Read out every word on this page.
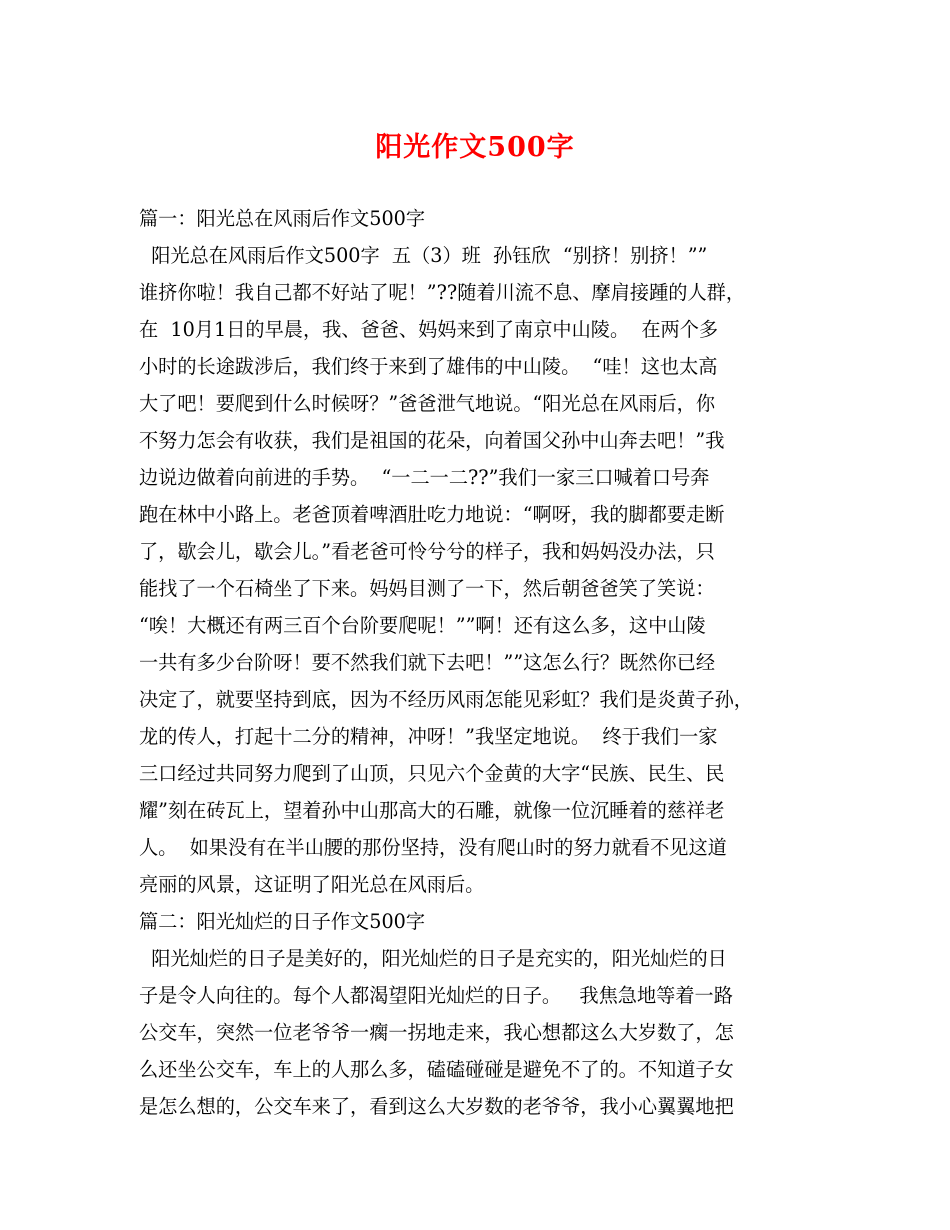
阳光作文500字
篇一：阳光总在风雨后作文500字
阳光总在风雨后作文500字  五（3）班  孙钰欣  “别挤！别挤！””
谁挤你啦！我自己都不好站了呢！”??随着川流不息、摩肩接踵的人群，
在  10月1日的早晨，我、爸爸、妈妈来到了南京中山陵。  在两个多
小时的长途跋涉后，我们终于来到了雄伟的中山陵。  “哇！这也太高
大了吧！要爬到什么时候呀？”爸爸泄气地说。“阳光总在风雨后，你
不努力怎会有收获，我们是祖国的花朵，向着国父孙中山奔去吧！”我
边说边做着向前进的手势。  “一二一二??”我们一家三口喊着口号奔
跑在林中小路上。老爸顶着啤酒肚吃力地说：“啊呀，我的脚都要走断
了，歇会儿，歇会儿。”看老爸可怜兮兮的样子，我和妈妈没办法，只
能找了一个石椅坐了下来。妈妈目测了一下，然后朝爸爸笑了笑说：
“唉！大概还有两三百个台阶要爬呢！””啊！还有这么多，这中山陵
一共有多少台阶呀！要不然我们就下去吧！””这怎么行？既然你已经
决定了，就要坚持到底，因为不经历风雨怎能见彩虹？我们是炎黄子孙，
龙的传人，打起十二分的精神，冲呀！”我坚定地说。  终于我们一家
三口经过共同努力爬到了山顶，只见六个金黄的大字“民族、民生、民
耀”刻在砖瓦上，望着孙中山那高大的石雕，就像一位沉睡着的慈祥老
人。  如果没有在半山腰的那份坚持，没有爬山时的努力就看不见这道
亮丽的风景，这证明了阳光总在风雨后。
篇二：阳光灿烂的日子作文500字
阳光灿烂的日子是美好的，阳光灿烂的日子是充实的，阳光灿烂的日
子是令人向往的。每个人都渴望阳光灿烂的日子。   我焦急地等着一路
公交车，突然一位老爷爷一瘸一拐地走来，我心想都这么大岁数了，怎
么还坐公交车，车上的人那么多，磕磕碰碰是避免不了的。不知道子女
是怎么想的，公交车来了，看到这么大岁数的老爷爷，我小心翼翼地把
